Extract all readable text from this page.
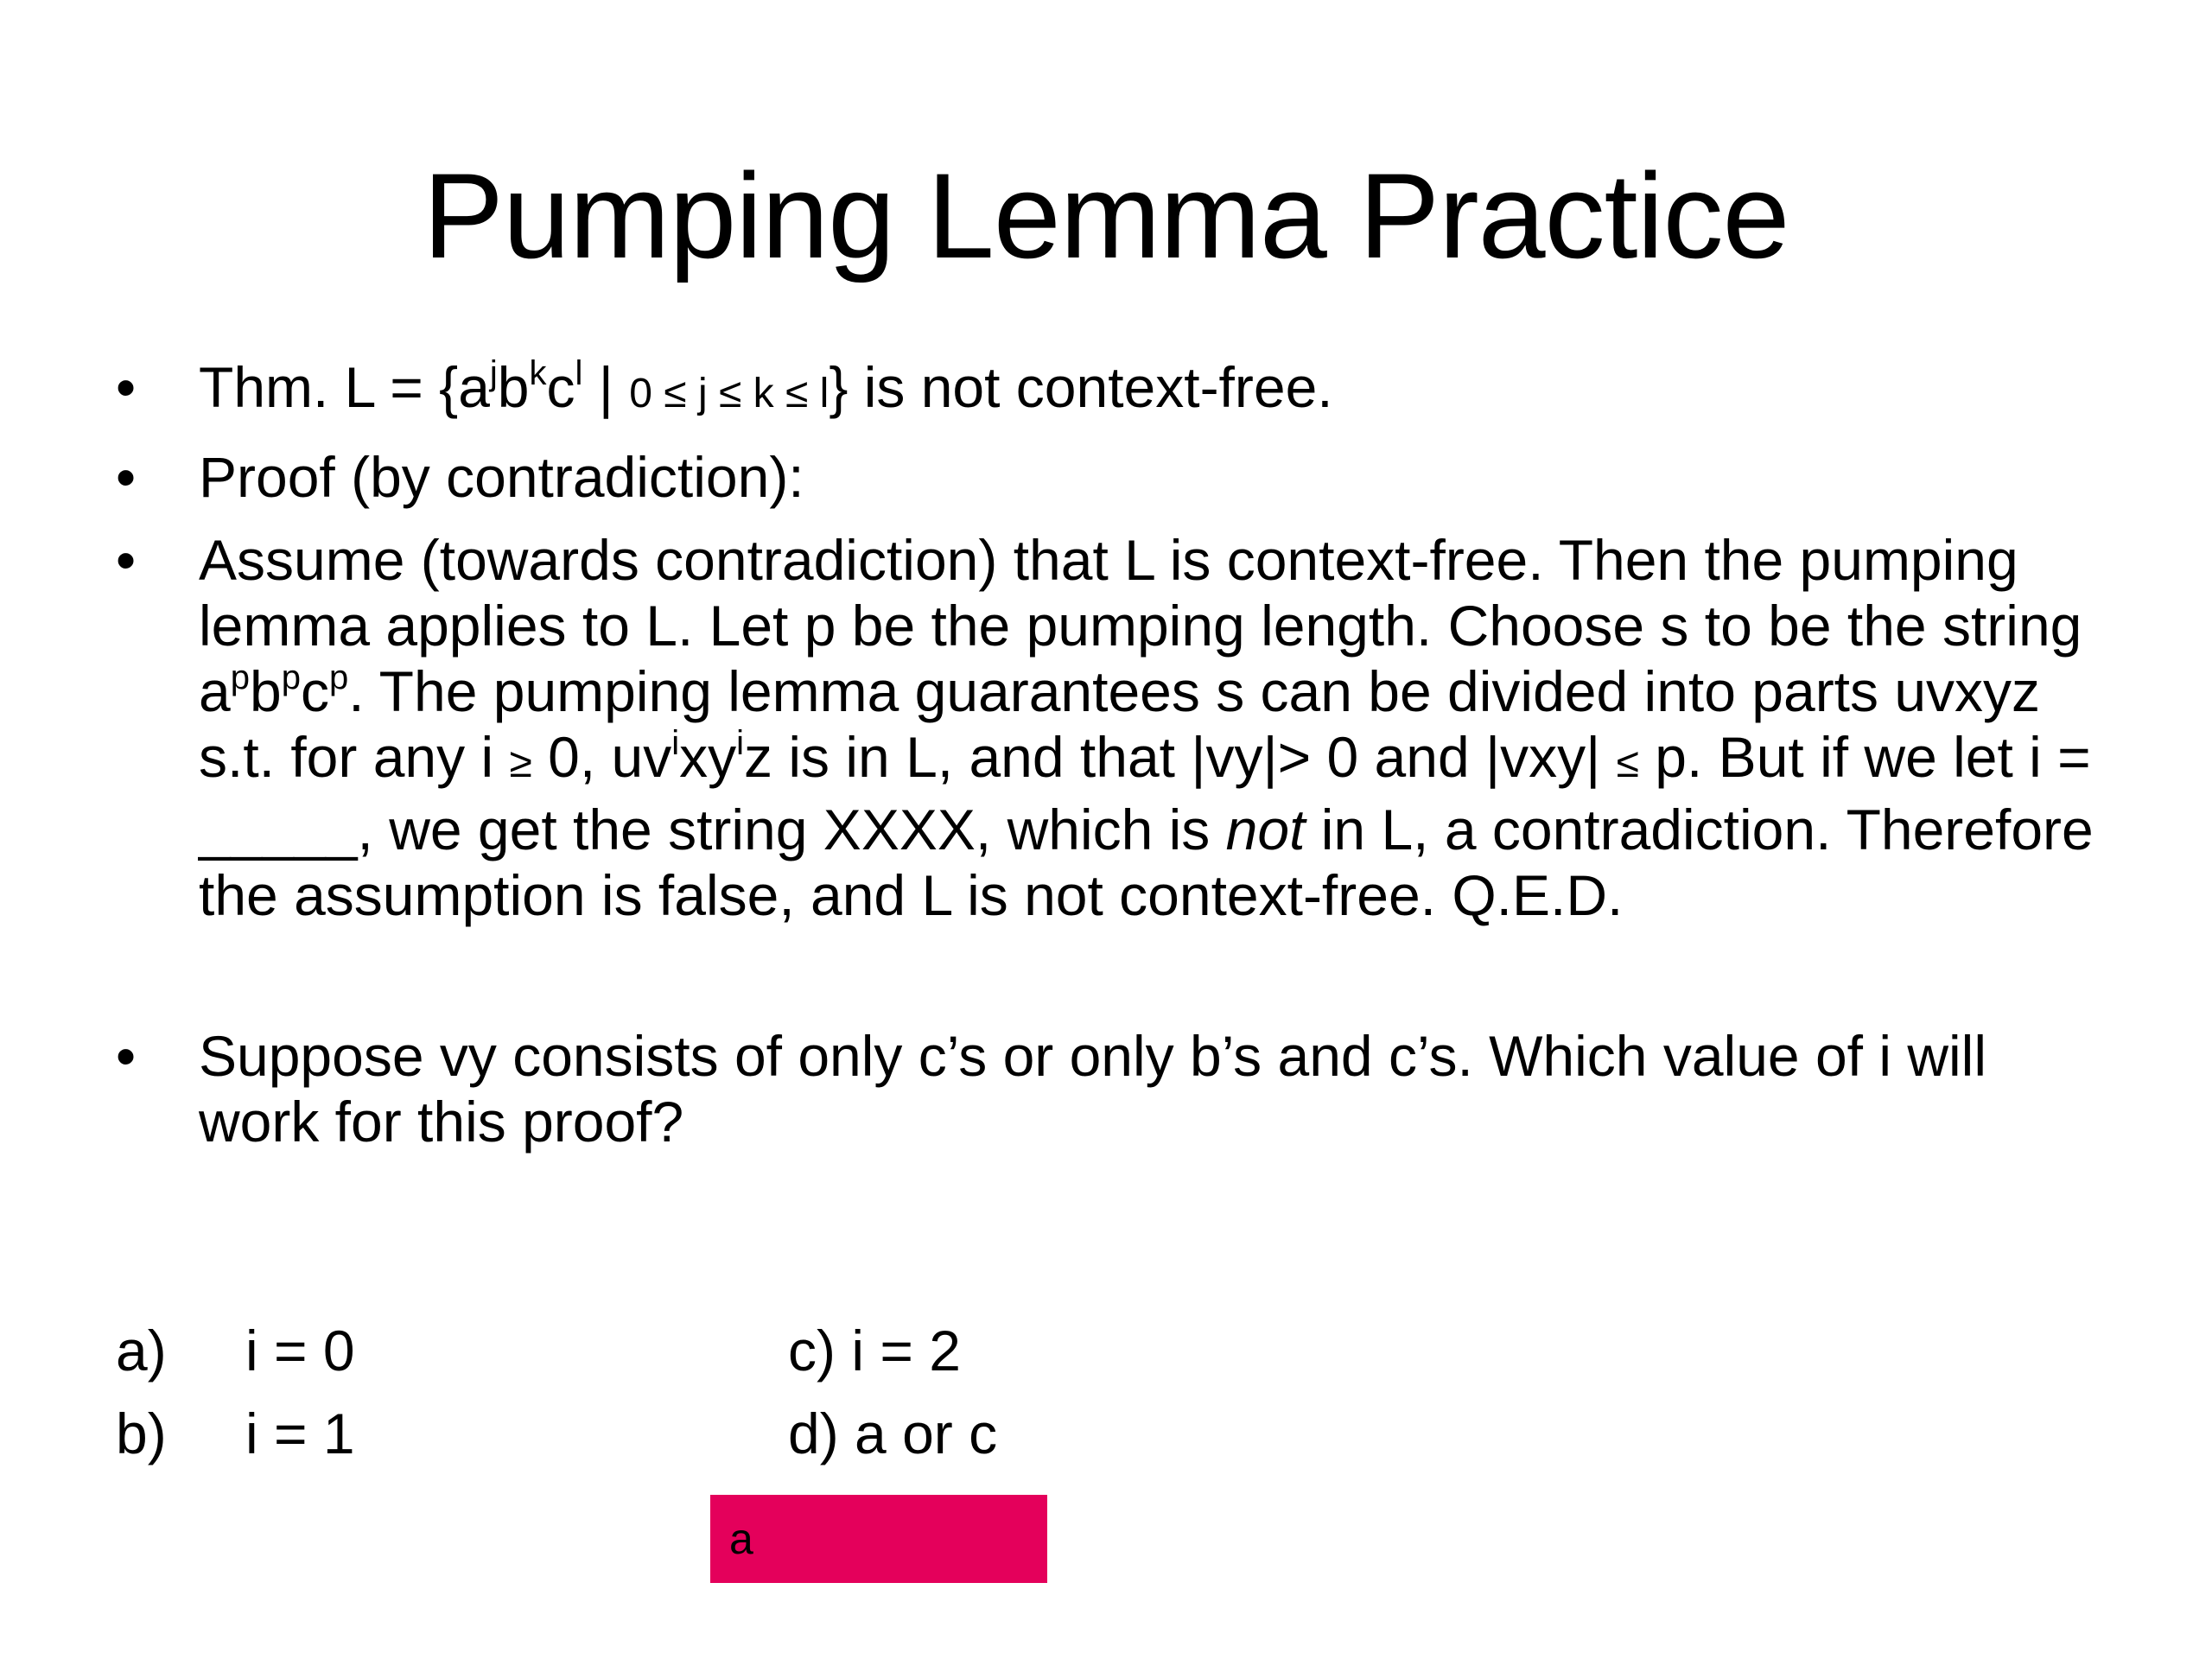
Pumping Lemma Practice
• Thm. $L = \{a^jb^kc^l$ | 0 ≤ j ≤ k ≤ l} is not context-free.
• Proof (by contradiction):
• Assume (towards contradiction) that L is context-free. Then the pumping lemma applies to L. Let p be the pumping length. Choose s to be the string $a^pb^pc^p$. The pumping lemma guarantees s can be divided into parts uvxyz s.t. for any i ≥ 0, $uv^ixy^iz$ is in L, and that |vy|> 0 and |vxy| ≤ p. But if we let i = _____, we get the string XXXX, which is not in L, a contradiction. Therefore the assumption is false, and L is not context-free. Q.E.D.
• Suppose vy consists of only c’s or only b’s and c’s. Which value of i will work for this proof?
a) i = 0
b) i = 1
c) i = 2
d) a or c
a
